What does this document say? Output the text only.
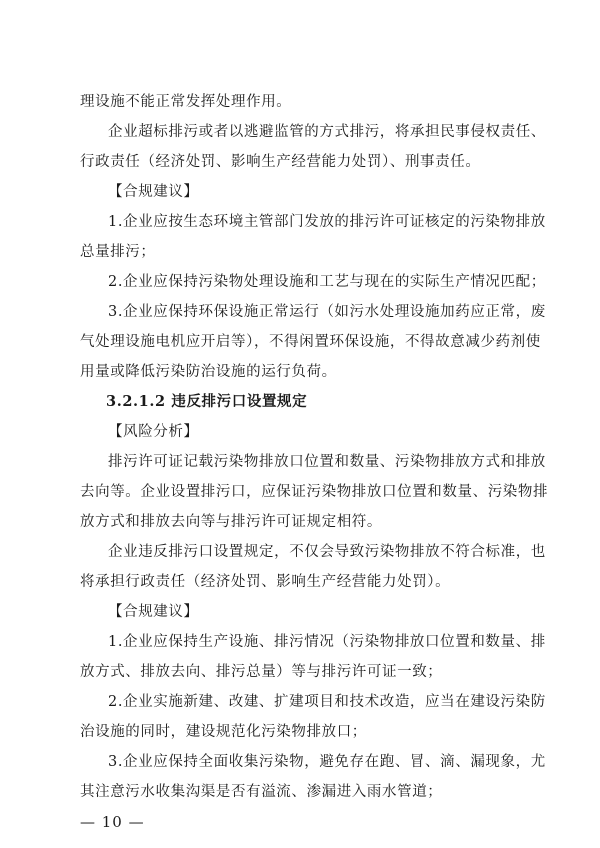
理设施不能正常发挥处理作用。
企业超标排污或者以逃避监管的方式排污，将承担民事侵权责任、
行政责任（经济处罚、影响生产经营能力处罚）、刑事责任。
【合规建议】
1.企业应按生态环境主管部门发放的排污许可证核定的污染物排放
总量排污；
2.企业应保持污染物处理设施和工艺与现在的实际生产情况匹配；
3.企业应保持环保设施正常运行（如污水处理设施加药应正常，废
气处理设施电机应开启等），不得闲置环保设施，不得故意减少药剂使
用量或降低污染防治设施的运行负荷。
3.2.1.2 违反排污口设置规定
【风险分析】
排污许可证记载污染物排放口位置和数量、污染物排放方式和排放
去向等。企业设置排污口，应保证污染物排放口位置和数量、污染物排
放方式和排放去向等与排污许可证规定相符。
企业违反排污口设置规定，不仅会导致污染物排放不符合标准，也
将承担行政责任（经济处罚、影响生产经营能力处罚）。
【合规建议】
1.企业应保持生产设施、排污情况（污染物排放口位置和数量、排
放方式、排放去向、排污总量）等与排污许可证一致；
2.企业实施新建、改建、扩建项目和技术改造，应当在建设污染防
治设施的同时，建设规范化污染物排放口；
3.企业应保持全面收集污染物，避免存在跑、冒、滴、漏现象，尤
其注意污水收集沟渠是否有溢流、渗漏进入雨水管道；
— 10 —
